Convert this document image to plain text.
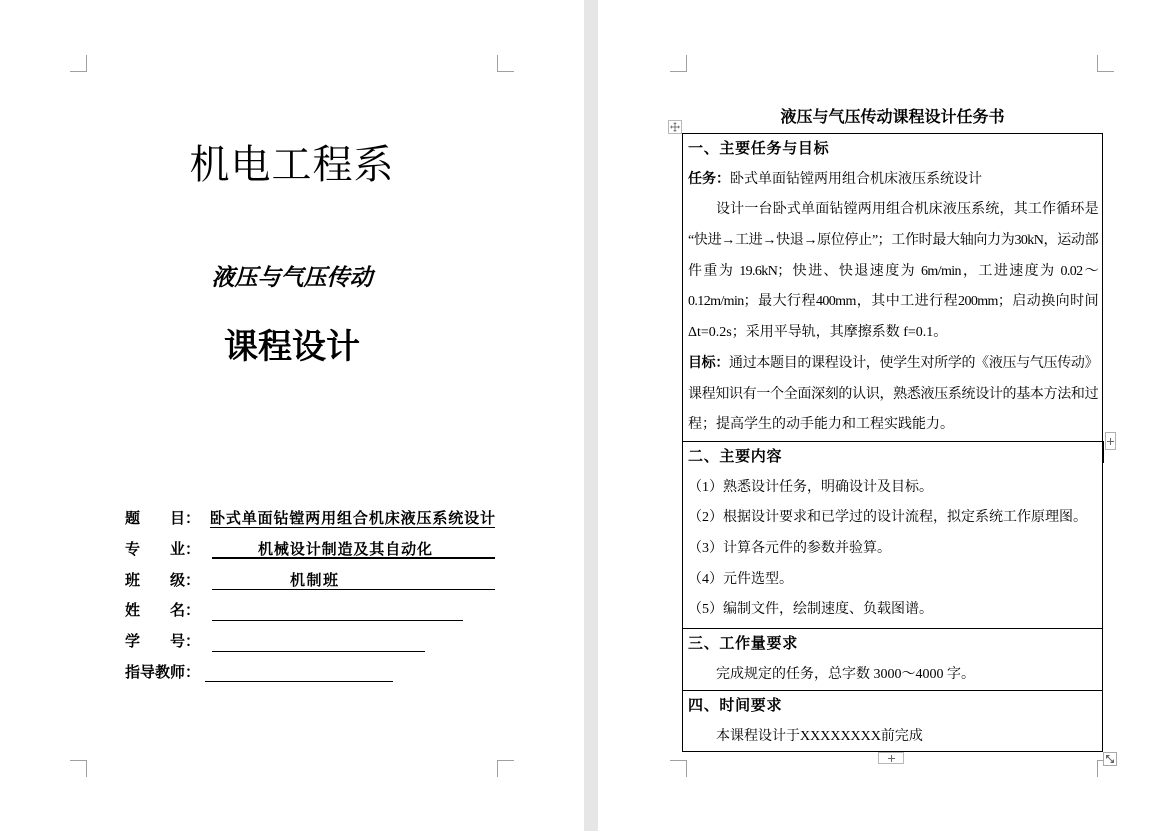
机电工程系
液压与气压传动
课程设计
题　　目： 卧式单面钻镗两用组合机床液压系统设计
专　　业：	机械设计制造及其自动化
班　　级：	机制班
姓　　名：
学　　号：
指导教师：
液压与气压传动课程设计任务书
一、主要任务与目标
任务：卧式单面钻镗两用组合机床液压系统设计
设计一台卧式单面钻镗两用组合机床液压系统，其工作循环是
“快进→工进→快退→原位停止”；工作时最大轴向力为30kN，运动部
件重为 19.6kN；快进、快退速度为 6m/min，工进速度为 0.02～
0.12m/min；最大行程400mm，其中工进行程200mm；启动换向时间
Δt=0.2s；采用平导轨，其摩擦系数 f=0.1。
目标：通过本题目的课程设计，使学生对所学的《液压与气压传动》
课程知识有一个全面深刻的认识，熟悉液压系统设计的基本方法和过
程；提高学生的动手能力和工程实践能力。
二、主要内容
（1）熟悉设计任务，明确设计及目标。
（2）根据设计要求和已学过的设计流程，拟定系统工作原理图。
（3）计算各元件的参数并验算。
（4）元件选型。
（5）编制文件，绘制速度、负载图谱。
三、工作量要求
完成规定的任务，总字数 3000～4000 字。
四、时间要求
本课程设计于XXXXXXXX前完成
